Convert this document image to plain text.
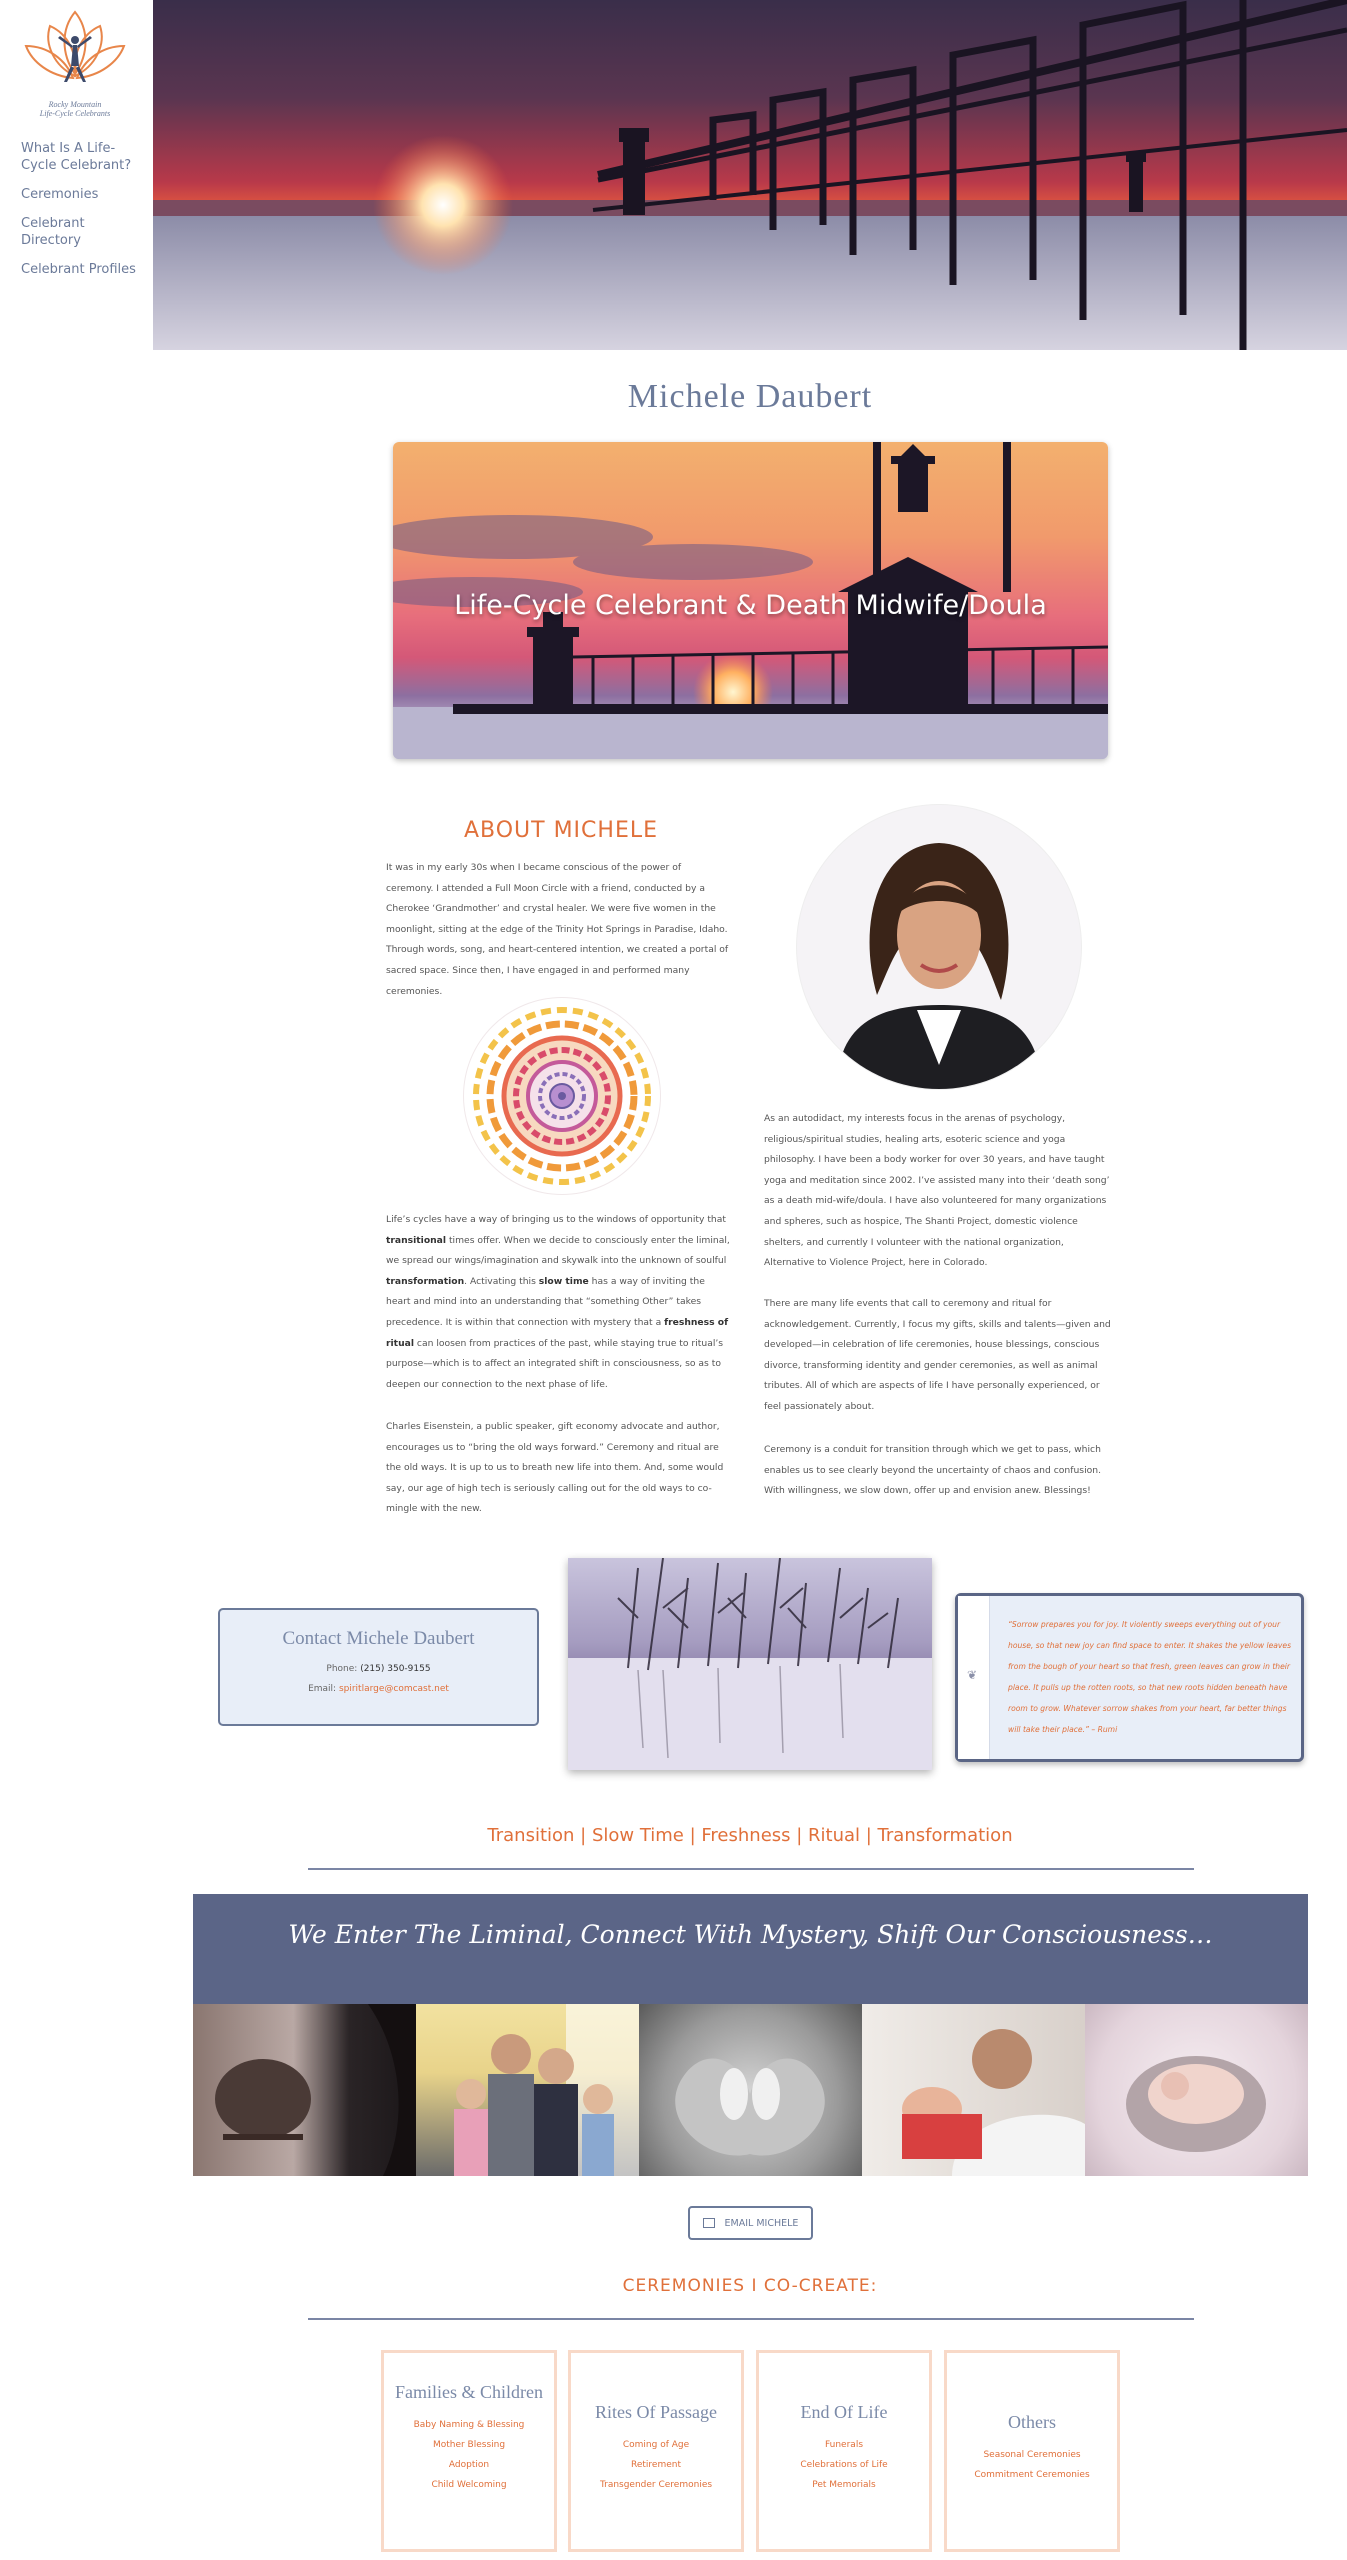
Rocky Mountain
Life-Cycle Celebrants
What Is A Life-Cycle Celebrant?
Ceremonies
Celebrant Directory
Celebrant Profiles
Michele Daubert
Life-Cycle Celebrant & Death Midwife/Doula
ABOUT MICHELE

It was in my early 30s when I became conscious of the power of ceremony. I attended a Full Moon Circle with a friend, conducted by a Cherokee ‘Grandmother’ and crystal healer. We were five women in the moonlight, sitting at the edge of the Trinity Hot Springs in Paradise, Idaho. Through words, song, and heart-centered intention, we created a portal of sacred space. Since then, I have engaged in and performed many ceremonies.

Life’s cycles have a way of bringing us to the windows of opportunity that transitional times offer. When we decide to consciously enter the liminal, we spread our wings/imagination and skywalk into the unknown of soulful transformation. Activating this slow time has a way of inviting the heart and mind into an understanding that “something Other” takes precedence. It is within that connection with mystery that a freshness of ritual can loosen from practices of the past, while staying true to ritual’s purpose—which is to affect an integrated shift in consciousness, so as to deepen our connection to the next phase of life.

Charles Eisenstein, a public speaker, gift economy advocate and author, encourages us to “bring the old ways forward.” Ceremony and ritual are the old ways. It is up to us to breath new life into them. And, some would say, our age of high tech is seriously calling out for the old ways to co-mingle with the new.

As an autodidact, my interests focus in the arenas of psychology, religious/spiritual studies, healing arts, esoteric science and yoga philosophy. I have been a body worker for over 30 years, and have taught yoga and meditation since 2002. I’ve assisted many into their ‘death song’ as a death mid-wife/doula. I have also volunteered for many organizations and spheres, such as hospice, The Shanti Project, domestic violence shelters, and currently I volunteer with the national organization, Alternative to Violence Project, here in Colorado.

There are many life events that call to ceremony and ritual for acknowledgement. Currently, I focus my gifts, skills and talents—given and developed—in celebration of life ceremonies, house blessings, conscious divorce, transforming identity and gender ceremonies, as well as animal tributes. All of which are aspects of life I have personally experienced, or feel passionately about.

Ceremony is a conduit for transition through which we get to pass, which enables us to see clearly beyond the uncertainty of chaos and confusion. With willingness, we slow down, offer up and envision anew. Blessings!

Contact Michele Daubert
Phone: (215) 350-9155
Email: spiritlarge@comcast.net
❦
“Sorrow prepares you for joy. It violently sweeps everything out of your house, so that new joy can find space to enter. It shakes the yellow leaves from the bough of your heart so that fresh, green leaves can grow in their place. It pulls up the rotten roots, so that new roots hidden beneath have room to grow. Whatever sorrow shakes from your heart, far better things will take their place.” – Rumi
Transition | Slow Time | Freshness | Ritual | Transformation
We Enter The Liminal, Connect With Mystery, Shift Our Consciousness…
EMAIL MICHELE
CEREMONIES I CO-CREATE:
Families & Children
Baby Naming & Blessing
Mother Blessing
Adoption
Child Welcoming
Rites Of Passage
Coming of Age
Retirement
Transgender Ceremonies
End Of Life
Funerals
Celebrations of Life
Pet Memorials
Others
Seasonal Ceremonies
Commitment Ceremonies
